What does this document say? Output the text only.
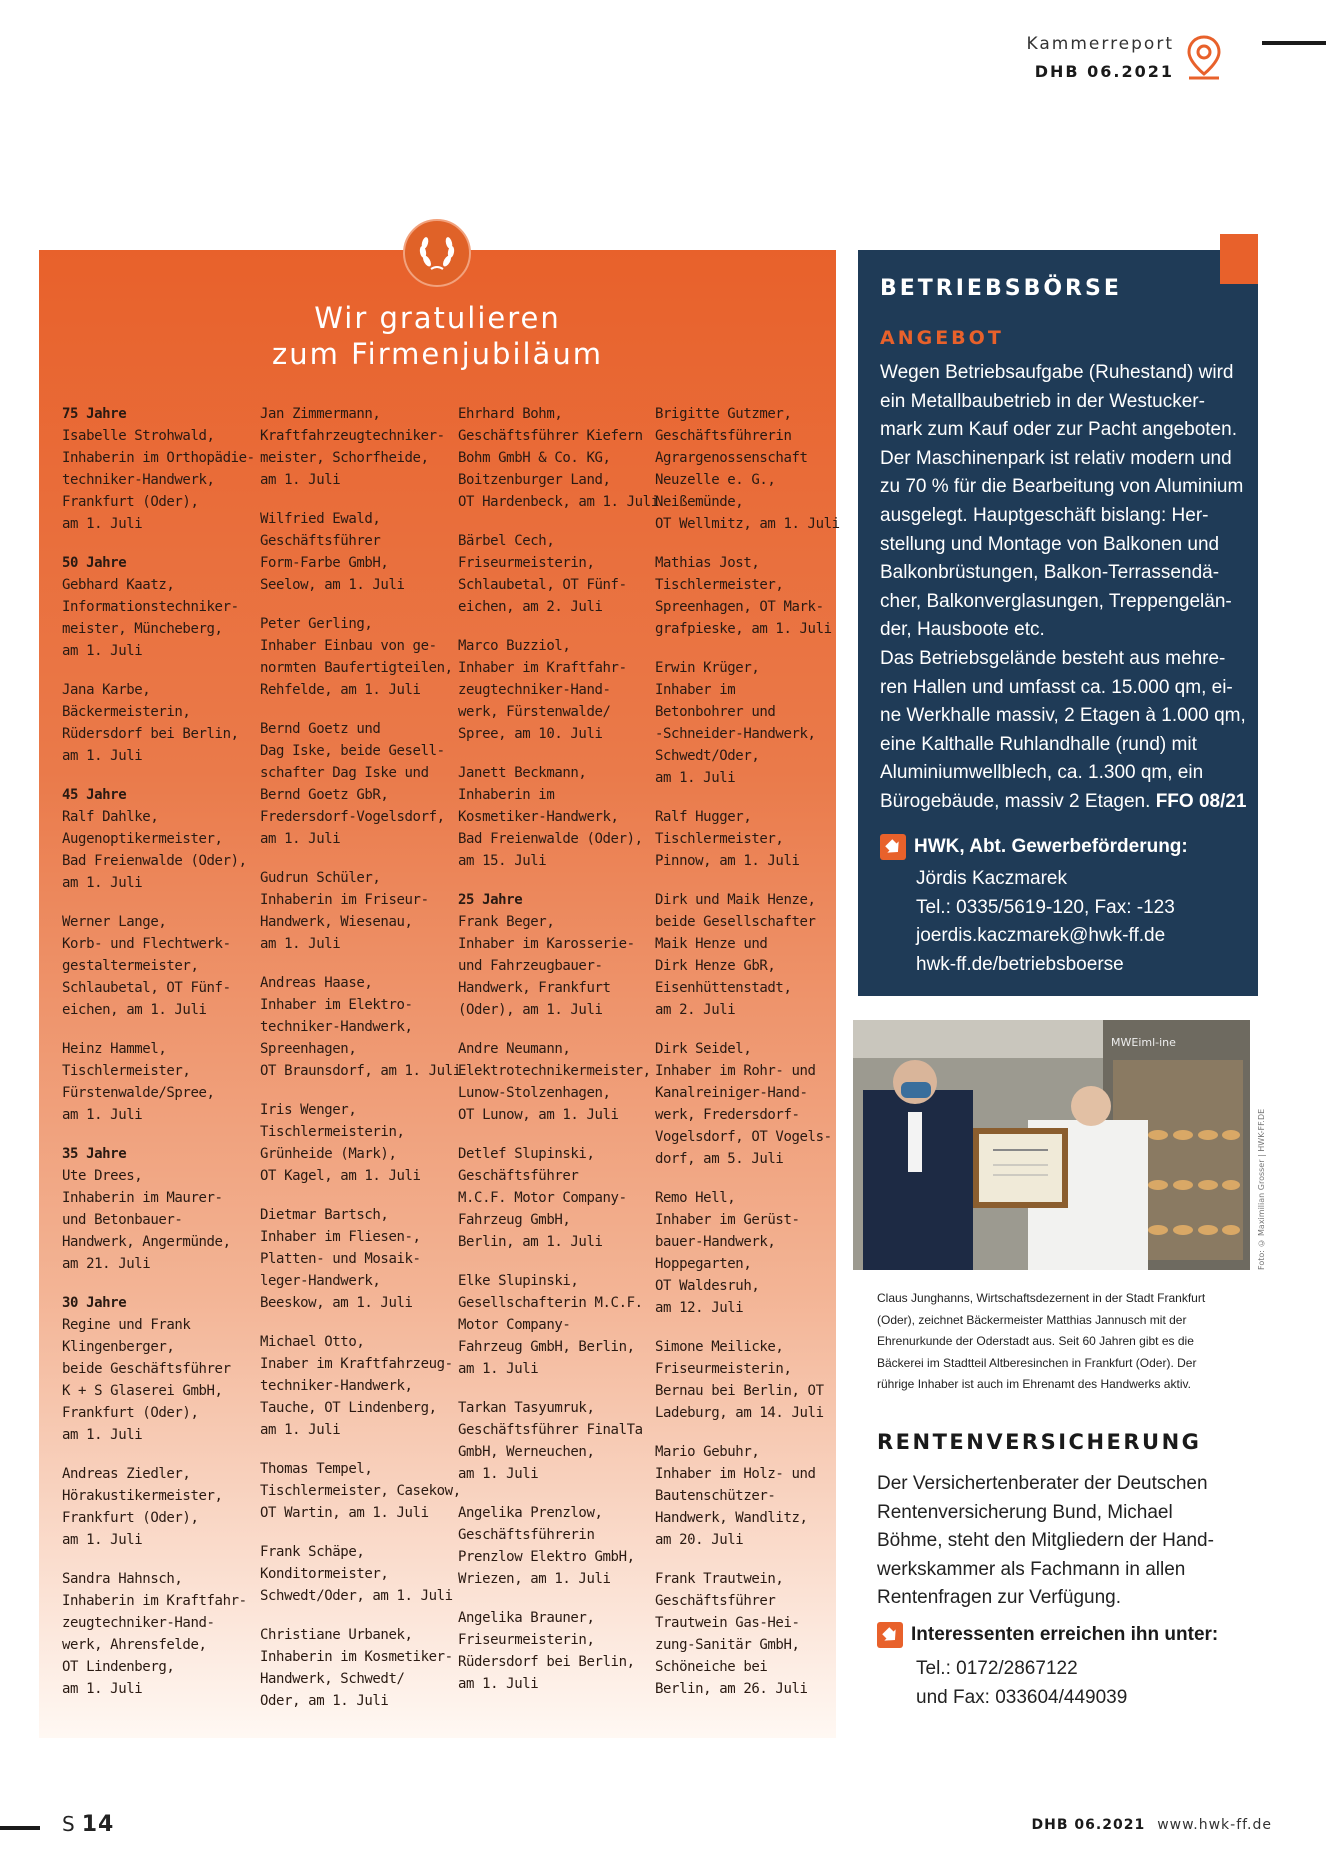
Kammerreport
DHB 06.2021
Wir gratulieren
zum Firmenjubiläum
75 Jahre
Isabelle Strohwald,
Inhaberin im Orthopädie-
techniker-Handwerk,
Frankfurt (Oder),
am 1. Juli
50 Jahre
Gebhard Kaatz,
Informationstechniker-
meister, Müncheberg,
am 1. Juli
Jana Karbe,
Bäckermeisterin,
Rüdersdorf bei Berlin,
am 1. Juli
45 Jahre
Ralf Dahlke,
Augenoptikermeister,
Bad Freienwalde (Oder),
am 1. Juli
Werner Lange,
Korb- und Flechtwerk-
gestaltermeister,
Schlaubetal, OT Fünf-
eichen, am 1. Juli
Heinz Hammel,
Tischlermeister,
Fürstenwalde/Spree,
am 1. Juli
35 Jahre
Ute Drees,
Inhaberin im Maurer-
und Betonbauer-
Handwerk, Angermünde,
am 21. Juli
30 Jahre
Regine und Frank
Klingenberger,
beide Geschäftsführer
K + S Glaserei GmbH,
Frankfurt (Oder),
am 1. Juli
Andreas Ziedler,
Hörakustikermeister,
Frankfurt (Oder),
am 1. Juli
Sandra Hahnsch,
Inhaberin im Kraftfahr-
zeugtechniker-Hand-
werk, Ahrensfelde,
OT Lindenberg,
am 1. Juli
Jan Zimmermann,
Kraftfahrzeugtechniker-
meister, Schorfheide,
am 1. Juli
Wilfried Ewald,
Geschäftsführer
Form-Farbe GmbH,
Seelow, am 1. Juli
Peter Gerling,
Inhaber Einbau von ge-
normten Baufertigteilen,
Rehfelde, am 1. Juli
Bernd Goetz und
Dag Iske, beide Gesell-
schafter Dag Iske und
Bernd Goetz GbR,
Fredersdorf-Vogelsdorf,
am 1. Juli
Gudrun Schüler,
Inhaberin im Friseur-
Handwerk, Wiesenau,
am 1. Juli
Andreas Haase,
Inhaber im Elektro-
techniker-Handwerk,
Spreenhagen,
OT Braunsdorf, am 1. Juli
Iris Wenger,
Tischlermeisterin,
Grünheide (Mark),
OT Kagel, am 1. Juli
Dietmar Bartsch,
Inhaber im Fliesen-,
Platten- und Mosaik-
leger-Handwerk,
Beeskow, am 1. Juli
Michael Otto,
Inaber im Kraftfahrzeug-
techniker-Handwerk,
Tauche, OT Lindenberg,
am 1. Juli
Thomas Tempel,
Tischlermeister, Casekow,
OT Wartin, am 1. Juli
Frank Schäpe,
Konditormeister,
Schwedt/Oder, am 1. Juli
Christiane Urbanek,
Inhaberin im Kosmetiker-
Handwerk, Schwedt/
Oder, am 1. Juli
Ehrhard Bohm,
Geschäftsführer Kiefern
Bohm GmbH & Co. KG,
Boitzenburger Land,
OT Hardenbeck, am 1. Juli
Bärbel Cech,
Friseurmeisterin,
Schlaubetal, OT Fünf-
eichen, am 2. Juli
Marco Buzziol,
Inhaber im Kraftfahr-
zeugtechniker-Hand-
werk, Fürstenwalde/
Spree, am 10. Juli
Janett Beckmann,
Inhaberin im
Kosmetiker-Handwerk,
Bad Freienwalde (Oder),
am 15. Juli
25 Jahre
Frank Beger,
Inhaber im Karosserie-
und Fahrzeugbauer-
Handwerk, Frankfurt
(Oder), am 1. Juli
Andre Neumann,
Elektrotechnikermeister,
Lunow-Stolzenhagen,
OT Lunow, am 1. Juli
Detlef Slupinski,
Geschäftsführer
M.C.F. Motor Company-
Fahrzeug GmbH,
Berlin, am 1. Juli
Elke Slupinski,
Gesellschafterin M.C.F.
Motor Company-
Fahrzeug GmbH, Berlin,
am 1. Juli
Tarkan Tasyumruk,
Geschäftsführer FinalTa
GmbH, Werneuchen,
am 1. Juli
Angelika Prenzlow,
Geschäftsführerin
Prenzlow Elektro GmbH,
Wriezen, am 1. Juli
Angelika Brauner,
Friseurmeisterin,
Rüdersdorf bei Berlin,
am 1. Juli
Brigitte Gutzmer,
Geschäftsführerin
Agrargenossenschaft
Neuzelle e. G.,
Neißemünde,
OT Wellmitz, am 1. Juli
Mathias Jost,
Tischlermeister,
Spreenhagen, OT Mark-
grafpieske, am 1. Juli
Erwin Krüger,
Inhaber im
Betonbohrer und
-Schneider-Handwerk,
Schwedt/Oder,
am 1. Juli
Ralf Hugger,
Tischlermeister,
Pinnow, am 1. Juli
Dirk und Maik Henze,
beide Gesellschafter
Maik Henze und
Dirk Henze GbR,
Eisenhüttenstadt,
am 2. Juli
Dirk Seidel,
Inhaber im Rohr- und
Kanalreiniger-Hand-
werk, Fredersdorf-
Vogelsdorf, OT Vogels-
dorf, am 5. Juli
Remo Hell,
Inhaber im Gerüst-
bauer-Handwerk,
Hoppegarten,
OT Waldesruh,
am 12. Juli
Simone Meilicke,
Friseurmeisterin,
Bernau bei Berlin, OT
Ladeburg, am 14. Juli
Mario Gebuhr,
Inhaber im Holz- und
Bautenschützer-
Handwerk, Wandlitz,
am 20. Juli
Frank Trautwein,
Geschäftsführer
Trautwein Gas-Hei-
zung-Sanitär GmbH,
Schöneiche bei
Berlin, am 26. Juli
BETRIEBSBÖRSE
ANGEBOT
Wegen Betriebsaufgabe (Ruhestand) wird
ein Metallbaubetrieb in der Westucker-
mark zum Kauf oder zur Pacht angeboten.
Der Maschinenpark ist relativ modern und
zu 70 % für die Bearbeitung von Aluminium
ausgelegt. Hauptgeschäft bislang: Her-
stellung und Montage von Balkonen und
Balkonbrüstungen, Balkon-Terrassendä-
cher, Balkonverglasungen, Treppengelän-
der, Hausboote etc.
Das Betriebsgelände besteht aus mehre-
ren Hallen und umfasst ca. 15.000 qm, ei-
ne Werkhalle massiv, 2 Etagen à 1.000 qm,
eine Kalthalle Ruhlandhalle (rund) mit
Aluminiumwellblech, ca. 1.300 qm, ein
Bürogebäude, massiv 2 Etagen. FFO 08/21
HWK, Abt. Gewerbeförderung:
Jördis Kaczmarek
Tel.: 0335/5619-120, Fax: -123
joerdis.kaczmarek@hwk-ff.de
hwk-ff.de/betriebsboerse
MWEiml-ine
Foto: © Maximilian Grosser | HWK-FF.DE
Claus Junghanns, Wirtschaftsdezernent in der Stadt Frankfurt
(Oder), zeichnet Bäckermeister Matthias Jannusch mit der
Ehrenurkunde der Oderstadt aus. Seit 60 Jahren gibt es die
Bäckerei im Stadtteil Altberesinchen in Frankfurt (Oder). Der
rührige Inhaber ist auch im Ehrenamt des Handwerks aktiv.
RENTENVERSICHERUNG
Der Versichertenberater der Deutschen
Rentenversicherung Bund, Michael
Böhme, steht den Mitgliedern der Hand-
werkskammer als Fachmann in allen
Rentenfragen zur Verfügung.
Interessenten erreichen ihn unter:
Tel.: 0172/2867122
und Fax: 033604/449039
S 14	DHB 06.2021 www.hwk-ff.de
